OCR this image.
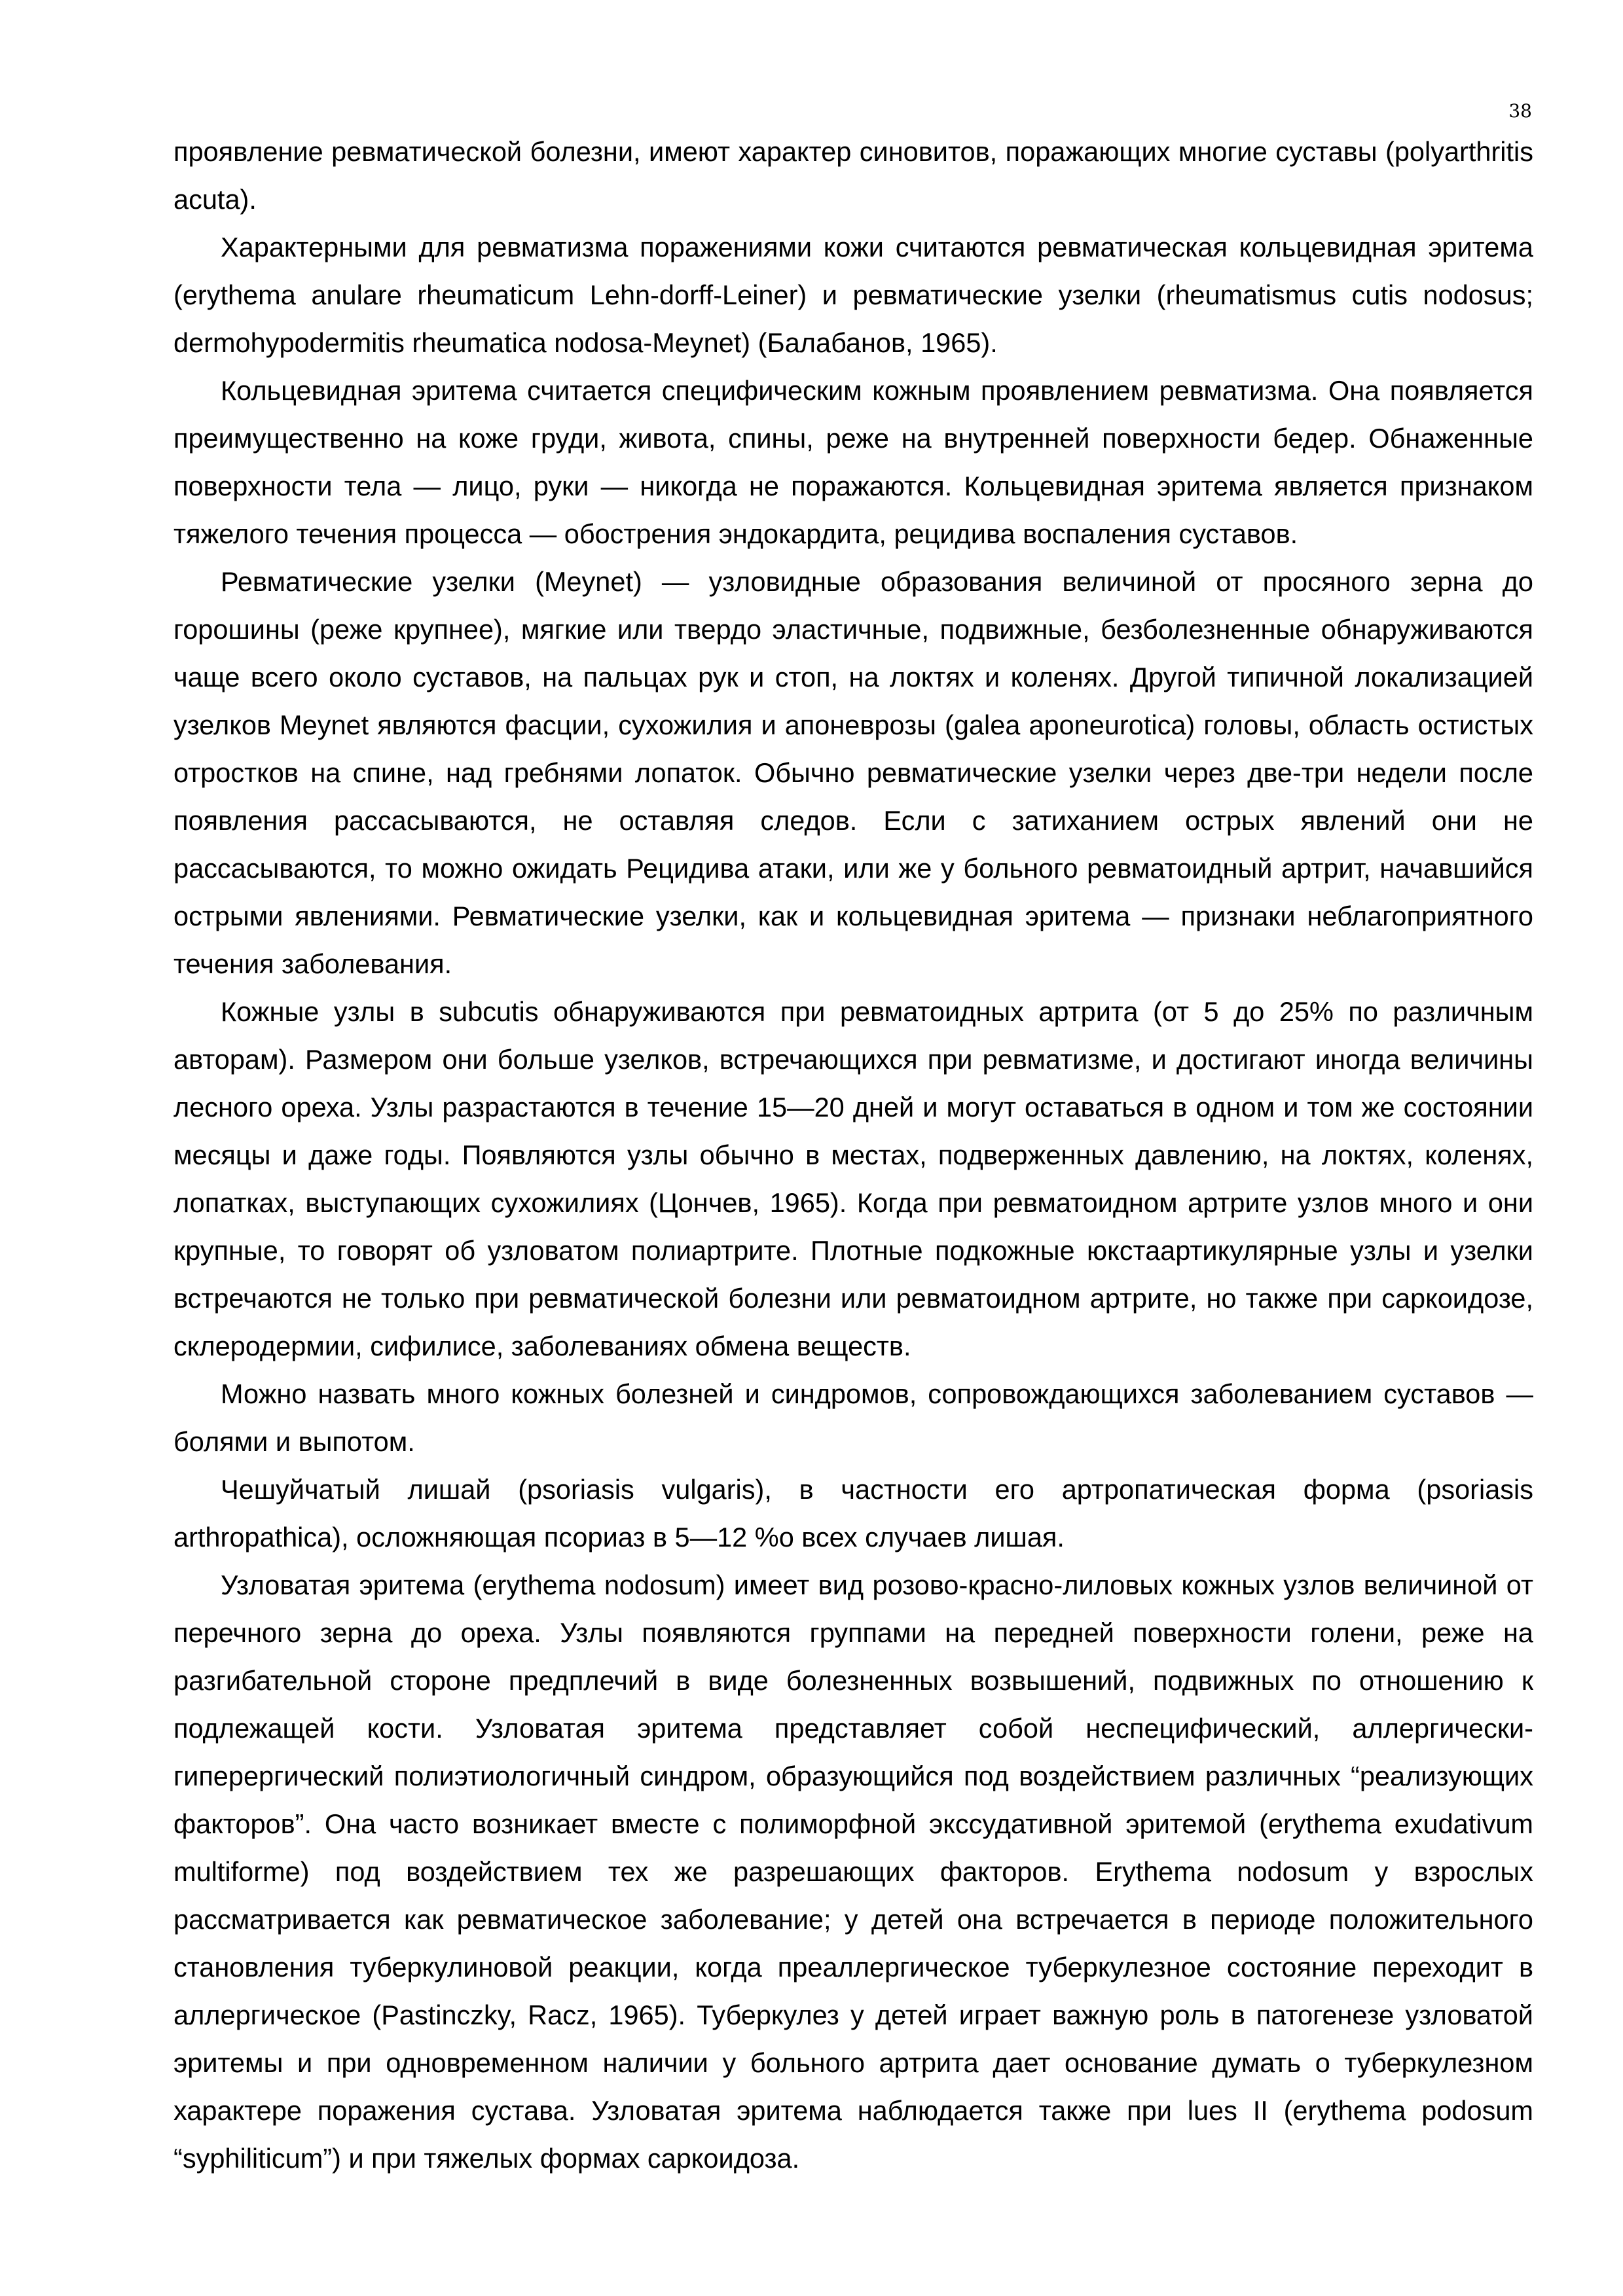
38

проявление ревматической болезни, имеют характер синовитов, поражающих многие суставы (polyarthritis acuta).

Характерными для ревматизма поражениями кожи считаются ревматическая кольцевидная эритема (erythema anulare rheumaticum Lehn-dorff-Leiner) и ревматические узелки (rheumatismus cutis nodosus; dermohypodermitis rheumatica nodosa-Meynet) (Балабанов, 1965).

Кольцевидная эритема считается специфическим кожным проявлением ревматизма. Она появляется преимущественно на коже груди, живота, спины, реже на внутренней поверхности бедер. Обнаженные поверхности тела — лицо, руки — никогда не поражаются. Кольцевидная эритема является признаком тяжелого течения процесса — обострения эндокардита, рецидива воспаления суставов.

Ревматические узелки (Meynet) — узловидные образования величиной от просяного зерна до горошины (реже крупнее), мягкие или твердо эластичные, подвижные, безболезненные обнаруживаются чаще всего около суставов, на пальцах рук и стоп, на локтях и коленях. Другой типичной локализацией узелков Meynet являются фасции, сухожилия и апоневрозы (galea aponeurotica) головы, область остистых отростков на спине, над гребнями лопаток. Обычно ревматические узелки через две-три недели после появления рассасываются, не оставляя следов. Если с затиханием острых явлений они не рассасываются, то можно ожидать Рецидива атаки, или же у больного ревматоидный артрит, начавшийся острыми явлениями. Ревматические узелки, как и кольцевидная эритема — признаки неблагоприятного течения заболевания.

Кожные узлы в subcutis обнаруживаются при ревматоидных артрита (от 5 до 25% по различным авторам). Размером они больше узелков, встречающихся при ревматизме, и достигают иногда величины лесного ореха. Узлы разрастаются в течение 15—20 дней и могут оставаться в одном и том же состоянии месяцы и даже годы. Появляются узлы обычно в местах, подверженных давлению, на локтях, коленях, лопатках, выступающих сухожилиях (Цончев, 1965). Когда при ревматоидном артрите узлов много и они крупные, то говорят об узловатом полиартрите. Плотные подкожные юкстаартикулярные узлы и узелки встречаются не только при ревматической болезни или ревматоидном артрите, но также при саркоидозе, склеродермии, сифилисе, заболеваниях обмена веществ.

Можно назвать много кожных болезней и синдромов, сопровождающихся заболеванием суставов — болями и выпотом.

Чешуйчатый лишай (psoriasis vulgaris), в частности его артропатическая форма (psoriasis arthropathica), осложняющая псориаз в 5—12 %о всех случаев лишая.

Узловатая эритема (erythema nodosum) имеет вид розово-красно-лиловых кожных узлов величиной от перечного зерна до ореха. Узлы появляются группами на передней поверхности голени, реже на разгибательной стороне предплечий в виде болезненных возвышений, подвижных по отношению к подлежащей кости. Узловатая эритема представляет собой неспецифический, аллергически-гиперергический полиэтиологичный синдром, образующийся под воздействием различных “реализующих факторов”. Она часто возникает вместе с полиморфной экссудативной эритемой (erythema exudativum multiforme) под воздействием тех же разрешающих факторов. Erythema nodosum у взрослых рассматривается как ревматическое заболевание; у детей она встречается в периоде положительного становления туберкулиновой реакции, когда преаллергическое туберкулезное состояние переходит в аллергическое (Pastinczky, Racz, 1965). Туберкулез у детей играет важную роль в патогенезе узловатой эритемы и при одновременном наличии у больного артрита дает основание думать о туберкулезном характере поражения сустава. Узловатая эритема наблюдается также при lues II (erythema podosum “syphiliticum”) и при тяжелых формах саркоидоза.
